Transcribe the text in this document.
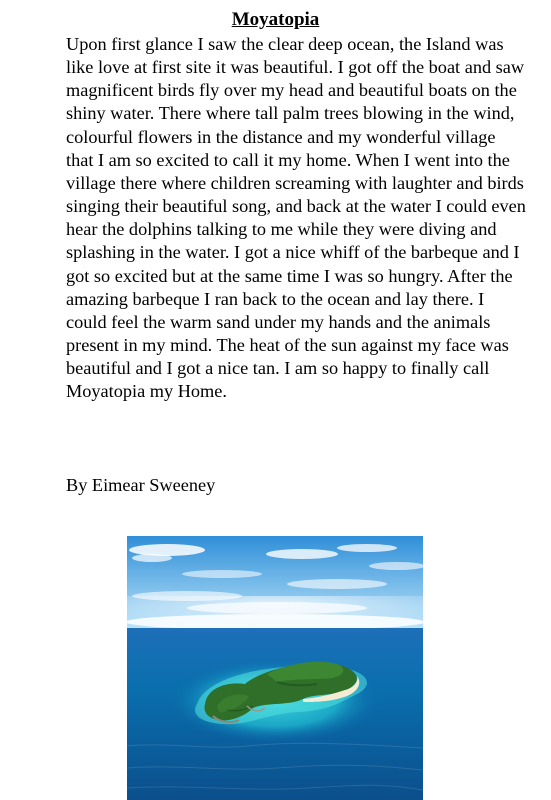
Moyatopia

Upon first glance I saw the clear deep ocean, the Island was like love at first site it was beautiful. I got off the boat and saw magnificent birds fly over my head and beautiful boats on the shiny water. There where tall palm trees blowing in the wind, colourful flowers in the distance and my wonderful village that I am so excited to call it my home. When I went into the village there where children screaming with laughter and birds singing their beautiful song, and back at the water I could even hear the dolphins talking to me while they were diving and splashing in the water. I got a nice whiff of the barbeque and I got so excited but at the same time I was so hungry. After the amazing barbeque I ran back to the ocean and lay there. I could feel the warm sand under my hands and the animals present in my mind. The heat of the sun against my face was beautiful and I got a nice tan. I am so happy to finally call Moyatopia my Home.

By Eimear Sweeney
